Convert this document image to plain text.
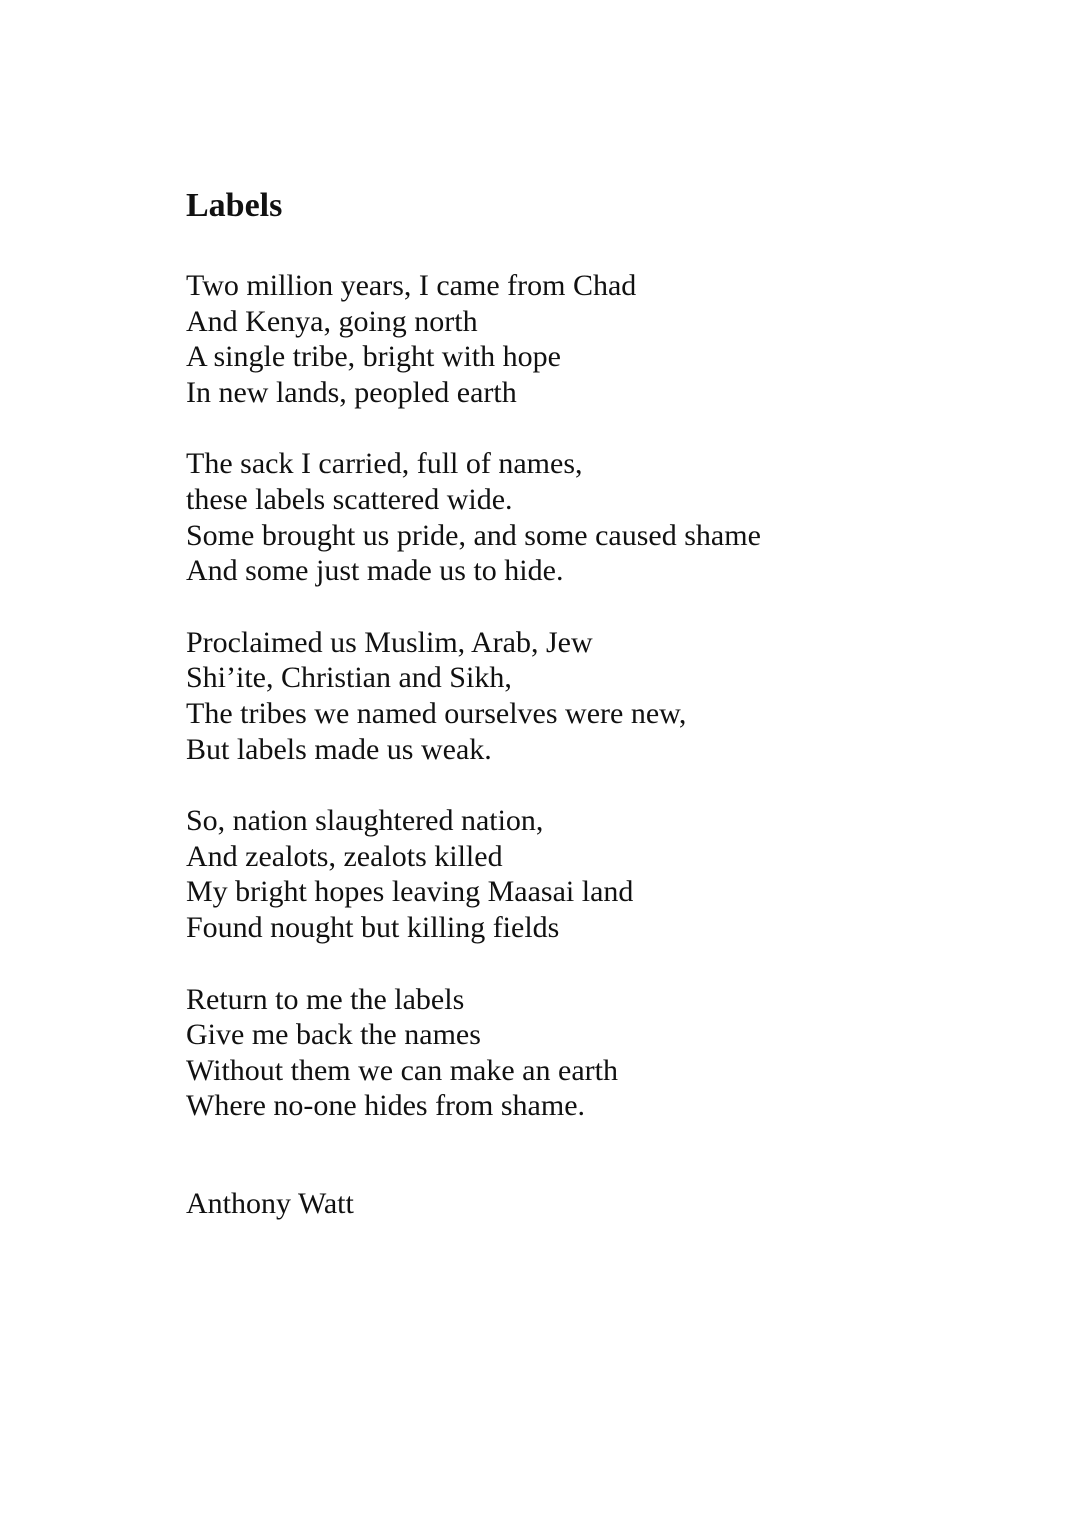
Labels
Two million years, I came from Chad
And Kenya, going north
A single tribe, bright with hope
In new lands, peopled earth
The sack I carried, full of names,
these labels scattered wide.
Some brought us pride, and some caused shame
And some just made us to hide.
Proclaimed us Muslim, Arab, Jew
Shi’ite, Christian and Sikh,
The tribes we named ourselves were new,
But labels made us weak.
So, nation slaughtered nation,
And zealots, zealots killed
My bright hopes leaving Maasai land
Found nought but killing fields
Return to me the labels
Give me back the names
Without them we can make an earth
Where no-one hides from shame.
Anthony Watt
